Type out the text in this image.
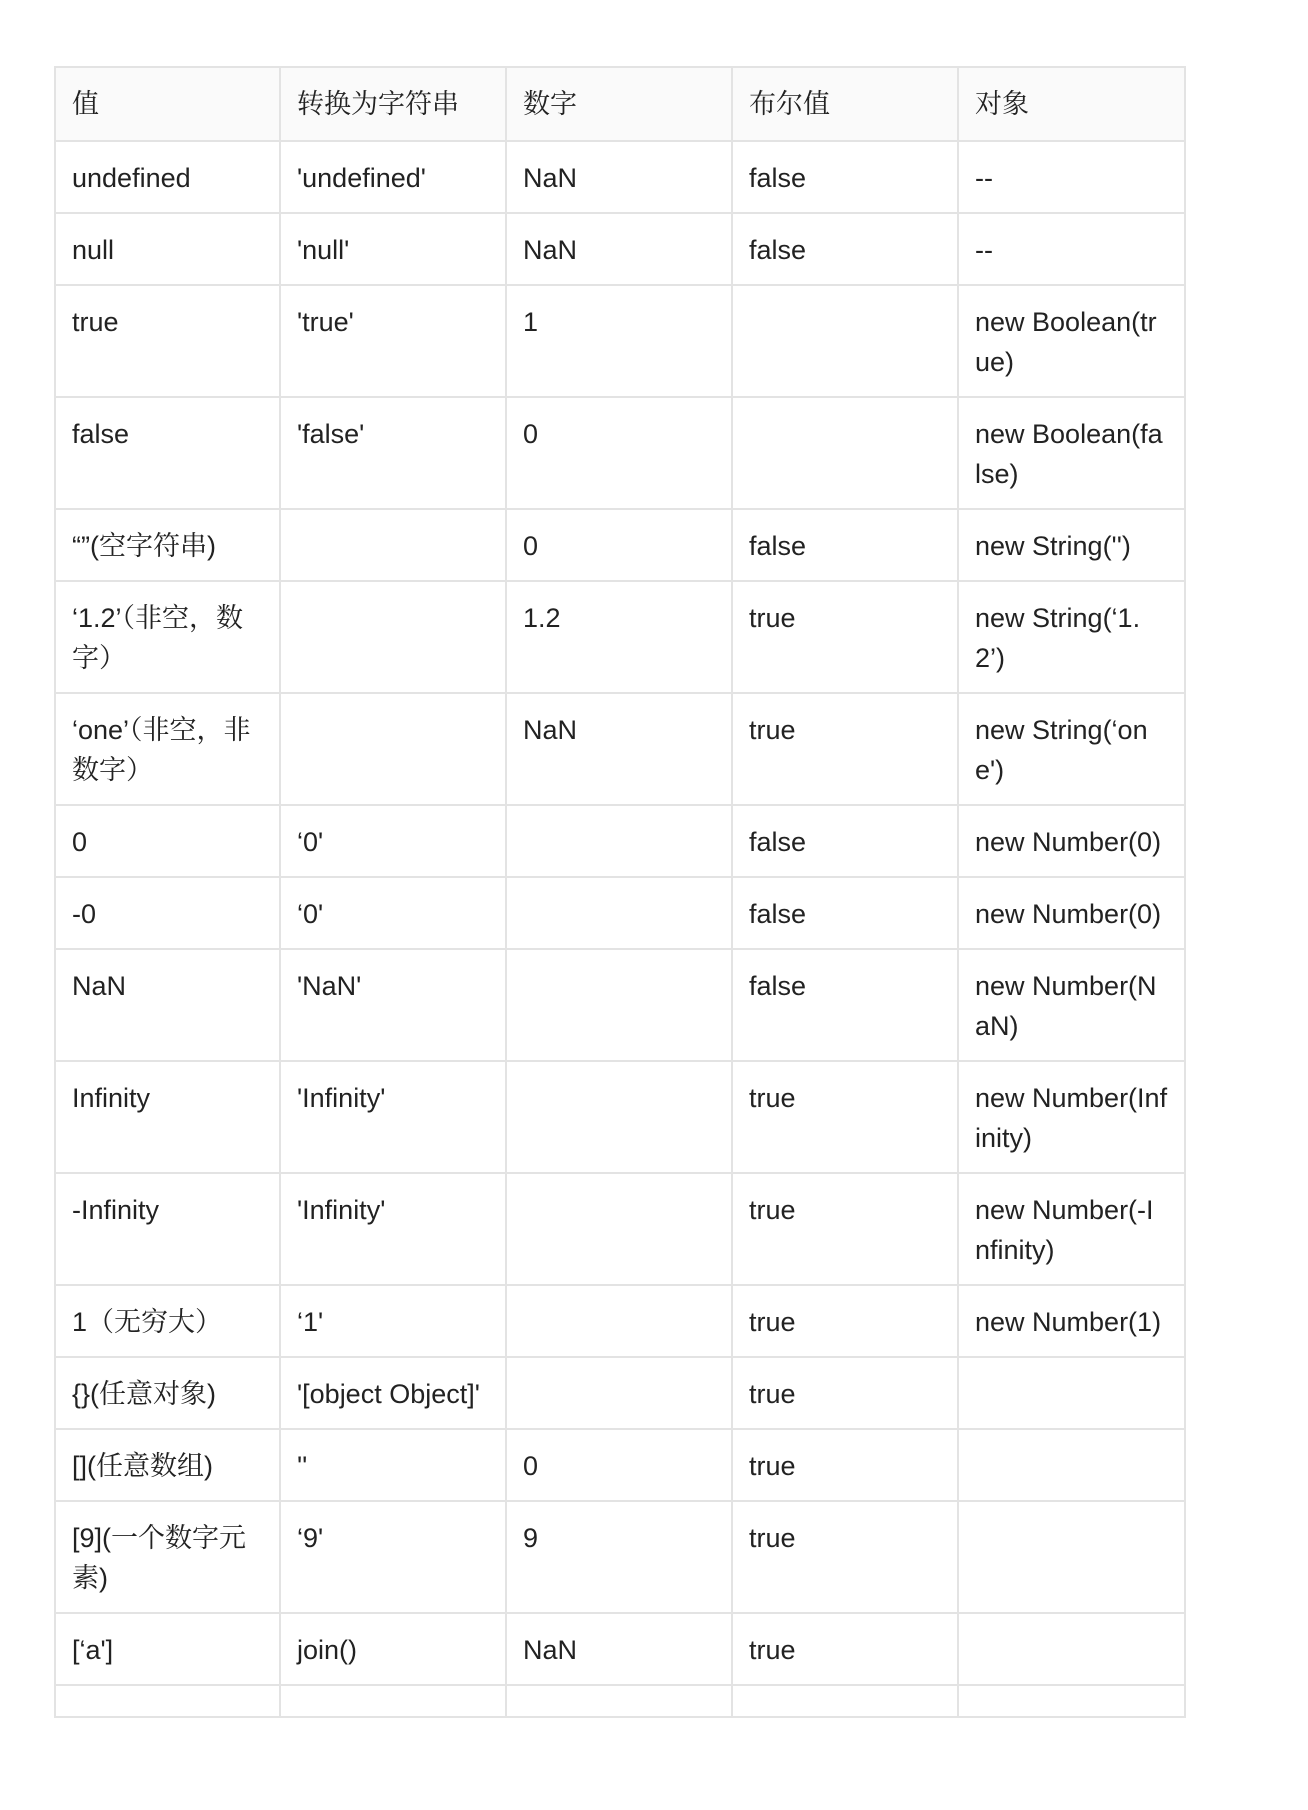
值	转换为字符串	数字	布尔值	对象
undefined	'undefined'	NaN	false	--
null	'null'	NaN	false	--
true	'true'	1		new Boolean(true)
false	'false'	0		new Boolean(false)
“”(空字符串)		0	false	new String('')
‘1.2’（非空，数字）		1.2	true	new String(‘1.2’)
‘one’（非空，非数字）		NaN	true	new String(‘one')
0	‘0'		false	new Number(0)
-0	‘0'		false	new Number(0)
NaN	'NaN'		false	new Number(NaN)
Infinity	'Infinity'		true	new Number(Infinity)
-Infinity	'Infinity'		true	new Number(-Infinity)
1（无穷大）	‘1'		true	new Number(1)
{}(任意对象)	'[object Object]'		true	
[](任意数组)	''	0	true	
[9](一个数字元素)	‘9'	9	true	
[‘a']	join()	NaN	true	
